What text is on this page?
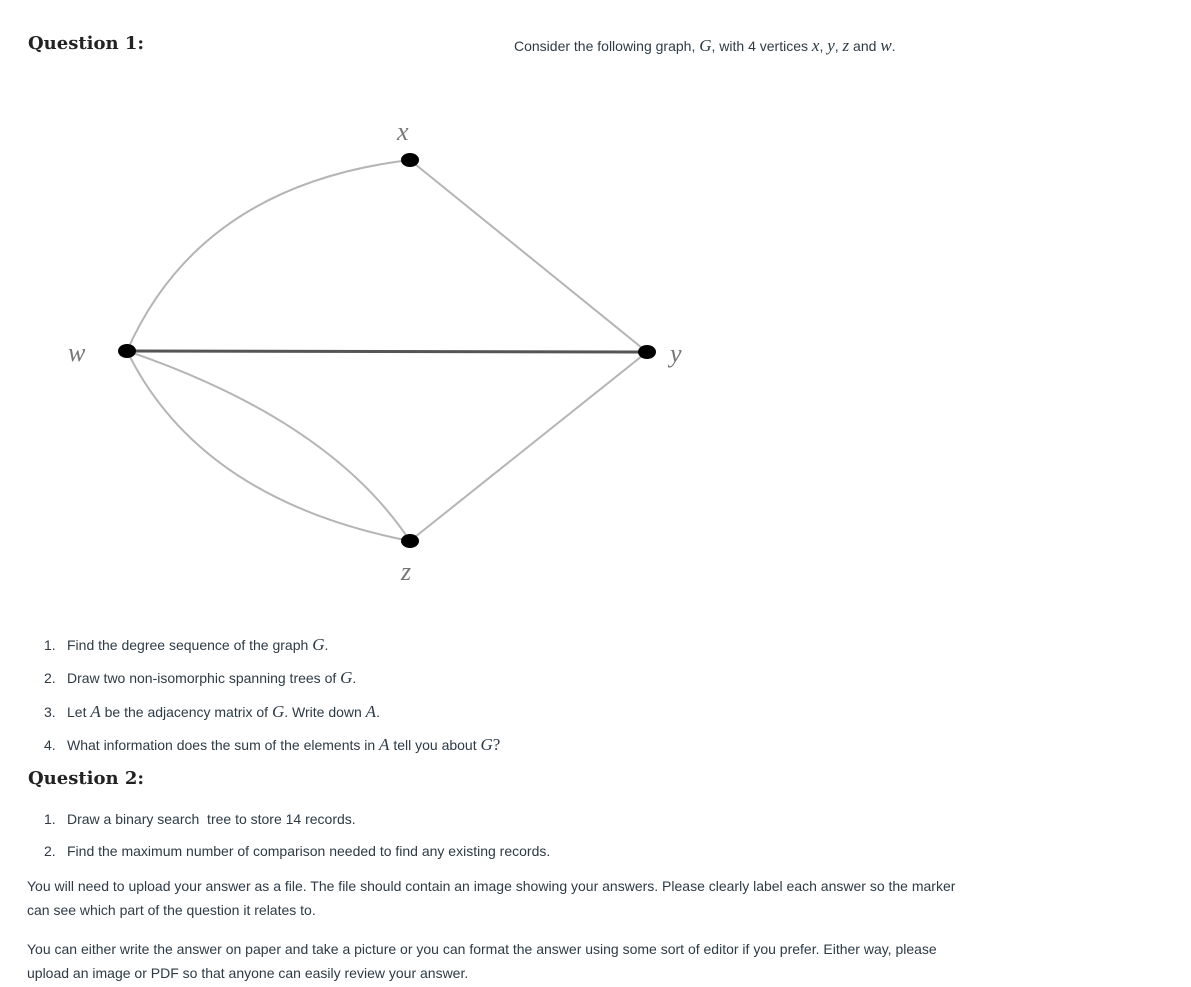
Question 1:	Consider the following graph, G, with 4 vertices x, y, z and w.
x
y
z
w
1. Find the degree sequence of the graph G.
2. Draw two non-isomorphic spanning trees of G.
3. Let A be the adjacency matrix of G. Write down A.
4. What information does the sum of the elements in A tell you about G?
Question 2:
1. Draw a binary search  tree to store 14 records.
2. Find the maximum number of comparison needed to find any existing records.

You will need to upload your answer as a file. The file should contain an image showing your answers. Please clearly label each answer so the marker can see which part of the question it relates to.

You can either write the answer on paper and take a picture or you can format the answer using some sort of editor if you prefer. Either way, please upload an image or PDF so that anyone can easily review your answer.
